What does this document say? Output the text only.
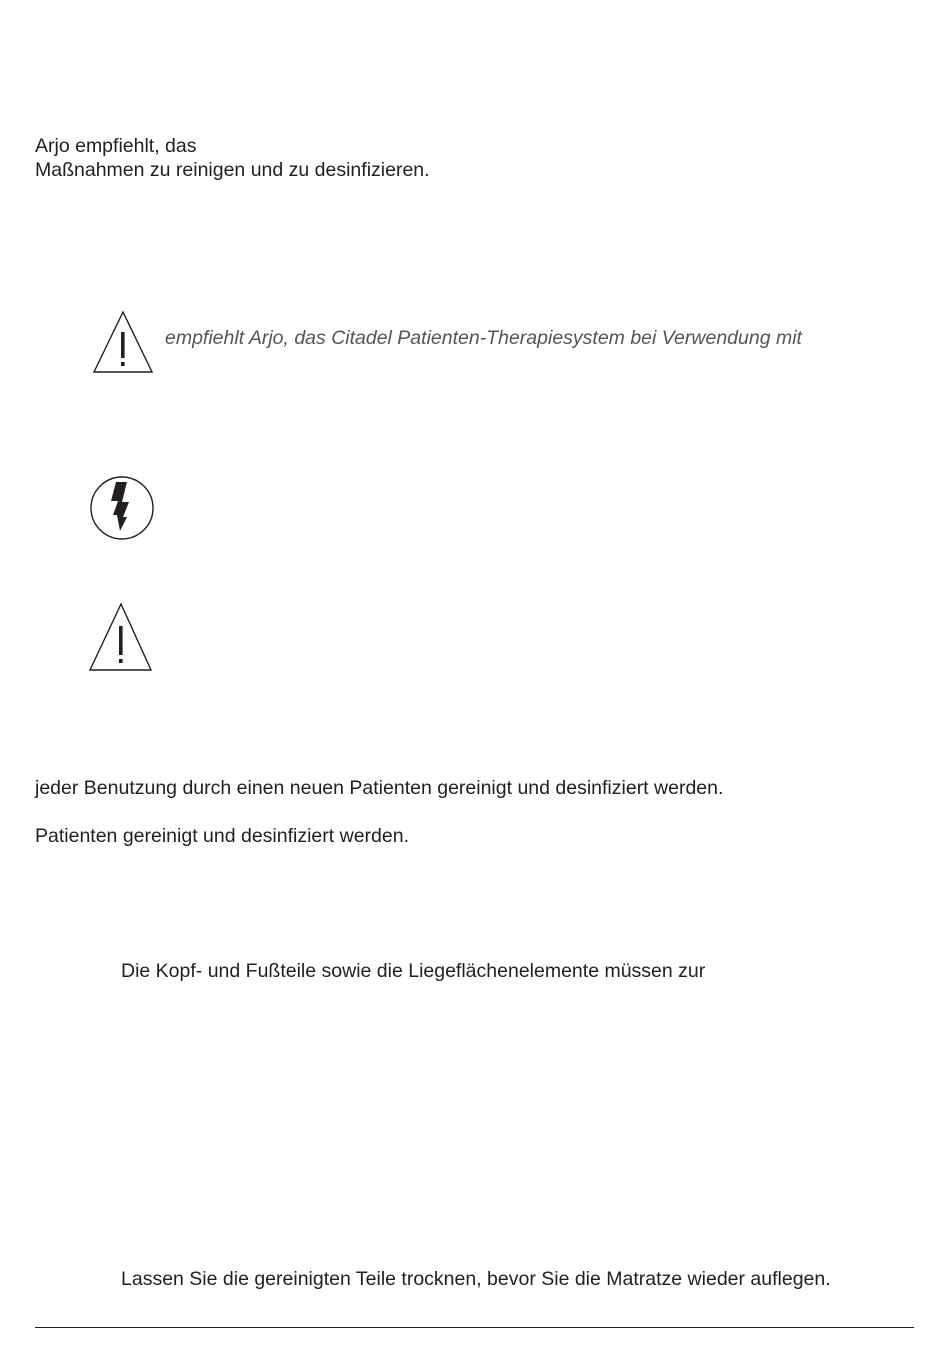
Arjo empfiehlt, das
Maßnahmen zu reinigen und zu desinfizieren.
empfiehlt Arjo, das Citadel Patienten-Therapiesystem bei Verwendung mit
jeder Benutzung durch einen neuen Patienten gereinigt und desinfiziert werden.
Patienten gereinigt und desinfiziert werden.
Die Kopf- und Fußteile sowie die Liegeflächenelemente müssen zur
Lassen Sie die gereinigten Teile trocknen, bevor Sie die Matratze wieder auflegen.
